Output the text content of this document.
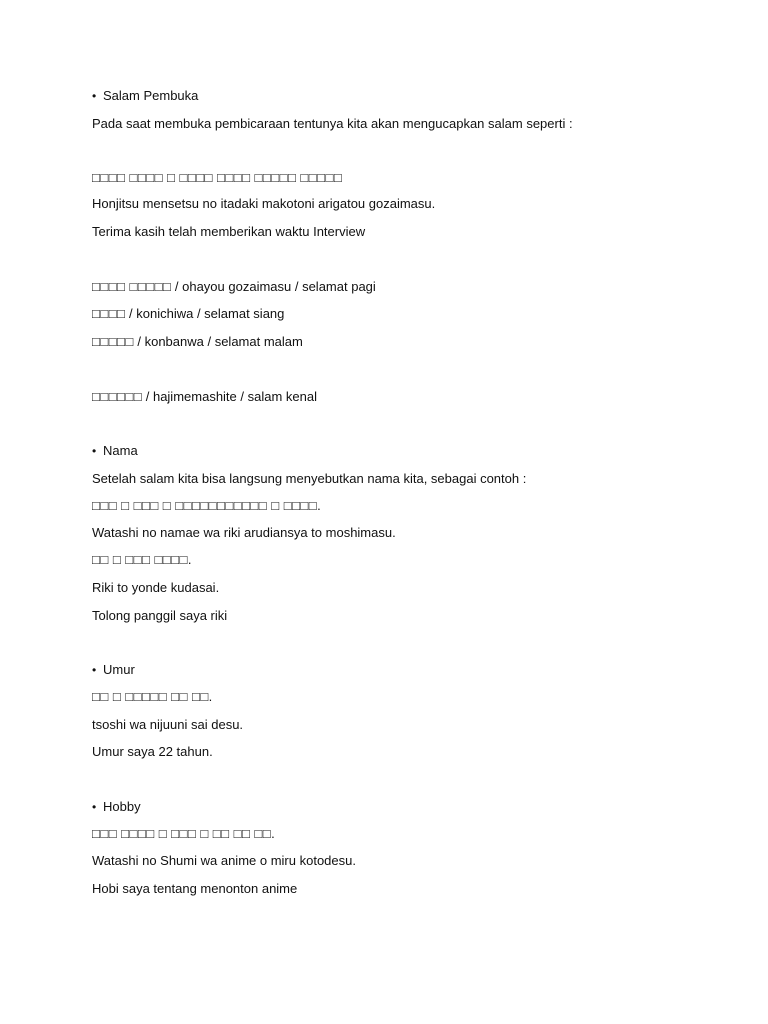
• Salam Pembuka
Pada saat membuka pembicaraan tentunya kita akan mengucapkan salam seperti :
□□□□ □□□□ □ □□□□ □□□□ □□□□□ □□□□□
Honjitsu mensetsu no itadaki makotoni arigatou gozaimasu.
Terima kasih telah memberikan waktu Interview
□□□□ □□□□□ / ohayou gozaimasu / selamat pagi
□□□□ / konichiwa / selamat siang
□□□□□ / konbanwa / selamat malam
□□□□□□ / hajimemashite / salam kenal
• Nama
Setelah salam kita bisa langsung menyebutkan nama kita, sebagai contoh :
□□□ □ □□□ □ □□□□□□□□□□□ □ □□□□.
Watashi no namae wa riki arudiansya to moshimasu.
□□ □ □□□ □□□□.
Riki to yonde kudasai.
Tolong panggil saya riki
• Umur
□□ □ □□□□□ □□ □□.
tsoshi wa nijuuni sai desu.
Umur saya 22 tahun.
• Hobby
□□□ □□□□ □ □□□ □ □□ □□ □□.
Watashi no Shumi wa anime o miru kotodesu.
Hobi saya tentang menonton anime
